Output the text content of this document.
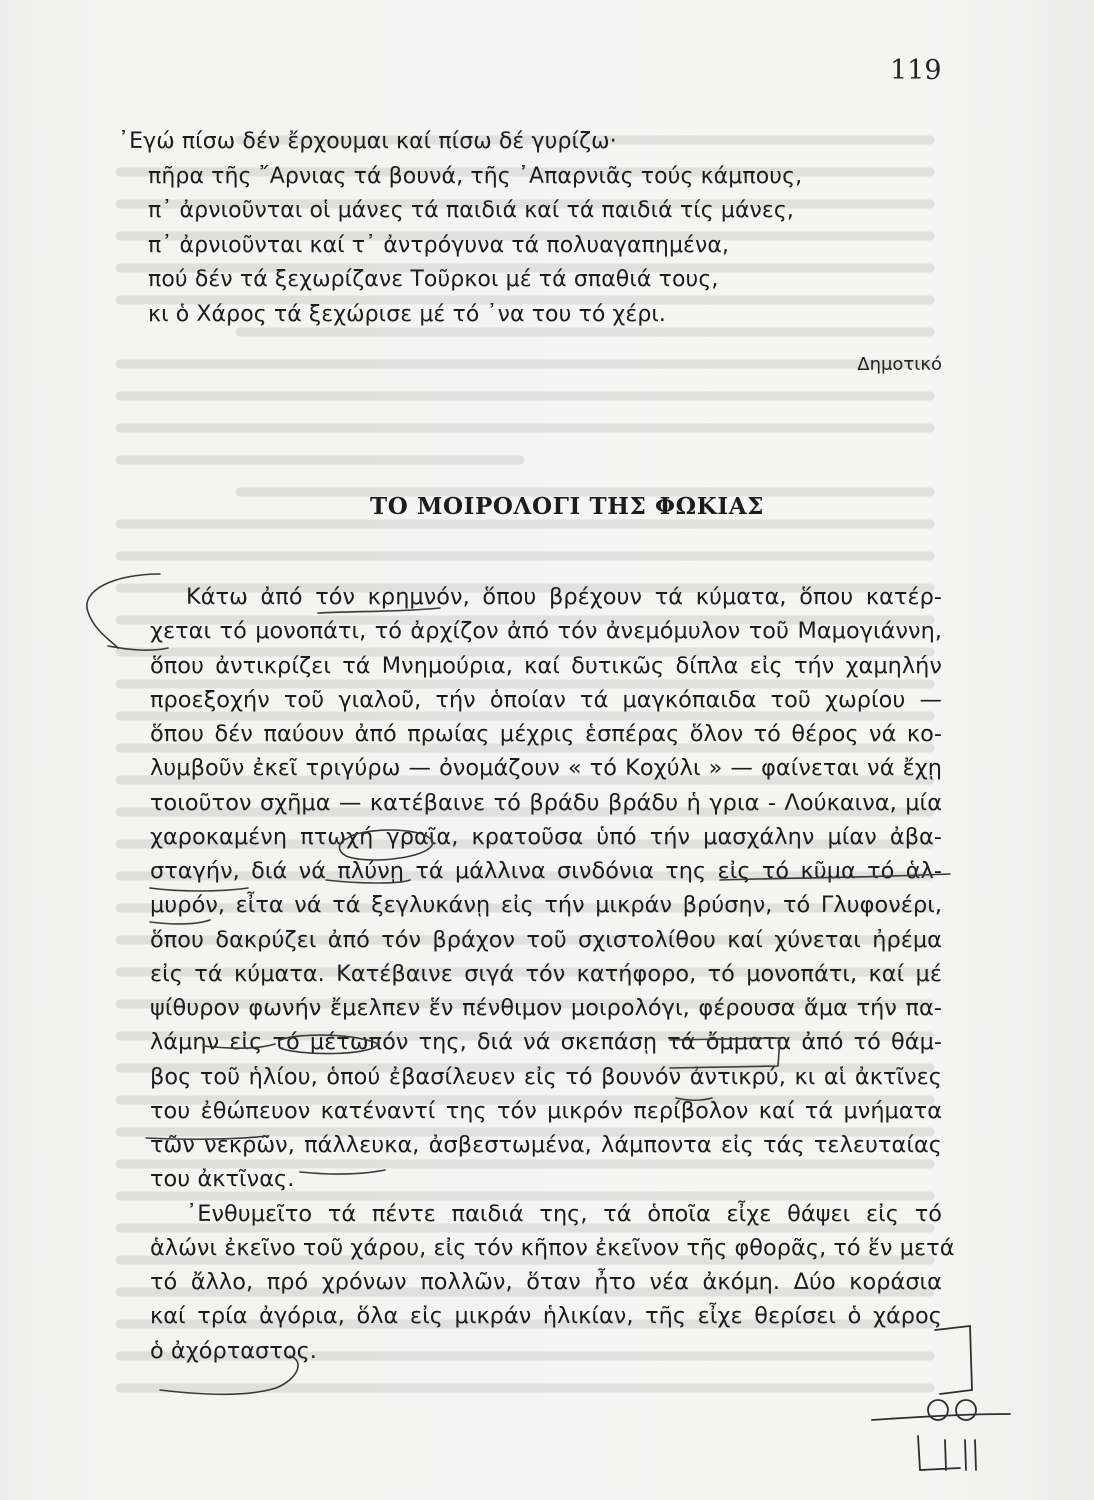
119
᾿Εγώ πίσω δέν ἔρχουμαι καί πίσω δέ γυρίζω·
πῆρα τῆς ῎Αρνιας τά βουνά, τῆς ᾿Απαρνιᾶς τούς κάμπους,
π᾿ ἀρνιοῦνται οἱ μάνες τά παιδιά καί τά παιδιά τίς μάνες,
π᾿ ἀρνιοῦνται καί τ᾿ ἀντρόγυνα τά πολυαγαπημένα,
πού δέν τά ξεχωρίζανε Τοῦρκοι μέ τά σπαθιά τους,
κι ὁ Χάρος τά ξεχώρισε μέ τό ᾿να του τό χέρι.
Δημοτικό
ΤΟ ΜΟΙΡΟΛΟΓΙ ΤΗΣ ΦΩΚΙΑΣ
Κάτω ἀπό τόν κρημνόν, ὅπου βρέχουν τά κύματα, ὅπου κατέρ-
χεται τό μονοπάτι, τό ἀρχίζον ἀπό τόν ἀνεμόμυλον τοῦ Μαμογιάννη,
ὅπου ἀντικρίζει τά Μνημούρια, καί δυτικῶς δίπλα εἰς τήν χαμηλήν
προεξοχήν τοῦ γιαλοῦ, τήν ὁποίαν τά μαγκόπαιδα τοῦ χωρίου —
ὅπου δέν παύουν ἀπό πρωίας μέχρις ἑσπέρας ὅλον τό θέρος νά κο-
λυμβοῦν ἐκεῖ τριγύρω — ὀνομάζουν « τό Κοχύλι » — φαίνεται νά ἔχῃ
τοιοῦτον σχῆμα — κατέβαινε τό βράδυ βράδυ ἡ γρια - Λούκαινα, μία
χαροκαμένη πτωχή γραῖα, κρατοῦσα ὑπό τήν μασχάλην μίαν ἀβα-
σταγήν, διά νά πλύνῃ τά μάλλινα σινδόνια της εἰς τό κῦμα τό ἁλ-
μυρόν, εἶτα νά τά ξεγλυκάνῃ εἰς τήν μικράν βρύσην, τό Γλυφονέρι,
ὅπου δακρύζει ἀπό τόν βράχον τοῦ σχιστολίθου καί χύνεται ἠρέμα
εἰς τά κύματα. Κατέβαινε σιγά τόν κατήφορο, τό μονοπάτι, καί μέ
ψίθυρον φωνήν ἔμελπεν ἕν πένθιμον μοιρολόγι, φέρουσα ἅμα τήν πα-
λάμην εἰς τό μέτωπόν της, διά νά σκεπάσῃ τά ὄμματα ἀπό τό θάμ-
βος τοῦ ἡλίου, ὁπού ἐβασίλευεν εἰς τό βουνόν ἀντικρύ, κι αἱ ἀκτῖνες
του ἐθώπευον κατέναντί της τόν μικρόν περίβολον καί τά μνήματα
τῶν νεκρῶν, πάλλευκα, ἀσβεστωμένα, λάμποντα εἰς τάς τελευταίας
του ἀκτῖνας.
᾿Ενθυμεῖτο τά πέντε παιδιά της, τά ὁποῖα εἶχε θάψει εἰς τό
ἁλώνι ἐκεῖνο τοῦ χάρου, εἰς τόν κῆπον ἐκεῖνον τῆς φθορᾶς, τό ἕν μετά
τό ἄλλο, πρό χρόνων πολλῶν, ὅταν ἦτο νέα ἀκόμη. Δύο κοράσια
καί τρία ἀγόρια, ὅλα εἰς μικράν ἡλικίαν, τῆς εἶχε θερίσει ὁ χάρος
ὁ ἀχόρταστος.
